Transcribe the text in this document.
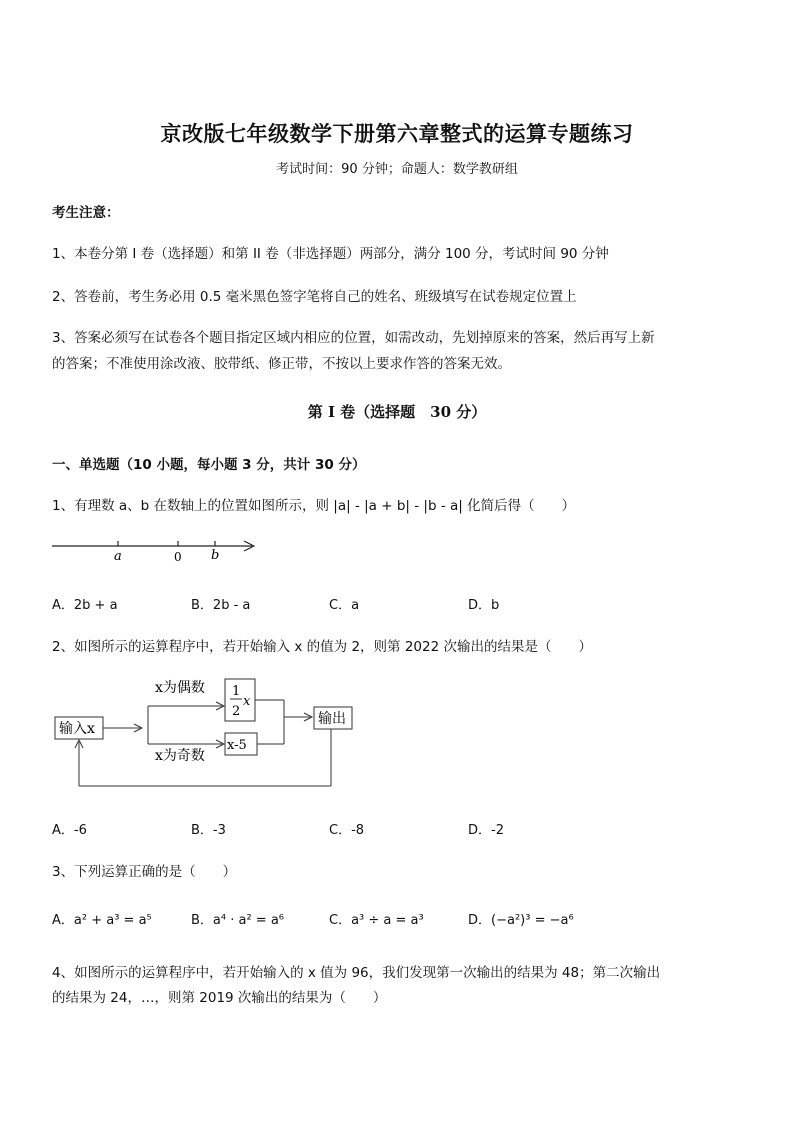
京改版七年级数学下册第六章整式的运算专题练习
考试时间：90 分钟；命题人：数学教研组
考生注意：
1、本卷分第 I 卷（选择题）和第 II 卷（非选择题）两部分，满分 100 分，考试时间 90 分钟
2、答卷前，考生务必用 0.5 毫米黑色签字笔将自己的姓名、班级填写在试卷规定位置上
3、答案必须写在试卷各个题目指定区域内相应的位置，如需改动，先划掉原来的答案，然后再写上新
的答案；不准使用涂改液、胶带纸、修正带，不按以上要求作答的答案无效。
第 I 卷（选择题　30 分）
一、单选题（10 小题，每小题 3 分，共计 30 分）
1、有理数 a、b 在数轴上的位置如图所示，则 |a| - |a + b| - |b - a| 化简后得（　　）
a	0 b
A．2b + a	B．2b - a	C．a	D．b
2、如图所示的运算程序中，若开始输入 x 的值为 2，则第 2022 次输出的结果是（　　）
输入x
x为偶数
x为奇数
1
2
x
x-5
输出
A．-6	B．-3	C．-8	D．-2
3、下列运算正确的是（　　）
A．a² + a³ = a⁵	B．a⁴ · a² = a⁶	C．a³ ÷ a = a³	D．(−a²)³ = −a⁶
4、如图所示的运算程序中，若开始输入的 x 值为 96，我们发现第一次输出的结果为 48；第二次输出
的结果为 24，…，则第 2019 次输出的结果为（　　）
